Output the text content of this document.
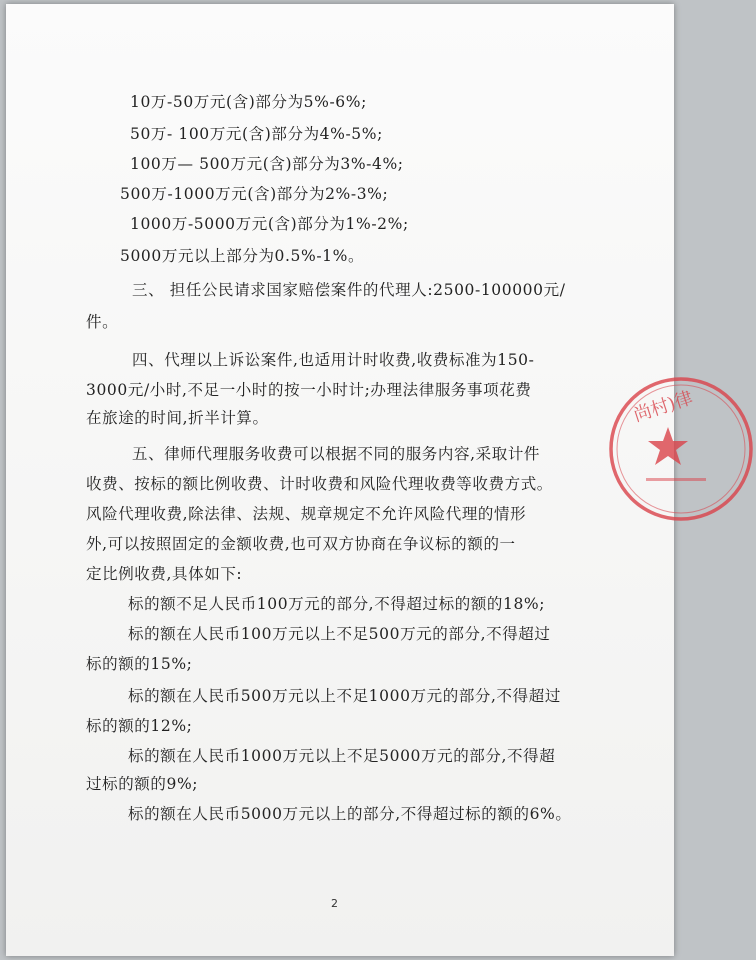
10万-50万元(含)部分为5%-6%;
50万- 100万元(含)部分为4%-5%;
100万— 500万元(含)部分为3%-4%;
500万-1000万元(含)部分为2%-3%;
1000万-5000万元(含)部分为1%-2%;
5000万元以上部分为0.5%-1%。
三、 担任公民请求国家赔偿案件的代理人:2500-100000元/
件。
四、代理以上诉讼案件,也适用计时收费,收费标准为150-
3000元/小时,不足一小时的按一小时计;办理法律服务事项花费
在旅途的时间,折半计算。
五、律师代理服务收费可以根据不同的服务内容,采取计件
收费、按标的额比例收费、计时收费和风险代理收费等收费方式。
风险代理收费,除法律、法规、规章规定不允许风险代理的情形
外,可以按照固定的金额收费,也可双方协商在争议标的额的一
定比例收费,具体如下:
标的额不足人民币100万元的部分,不得超过标的额的18%;
标的额在人民币100万元以上不足500万元的部分,不得超过
标的额的15%;
标的额在人民币500万元以上不足1000万元的部分,不得超过
标的额的12%;
标的额在人民币1000万元以上不足5000万元的部分,不得超
过标的额的9%;
标的额在人民币5000万元以上的部分,不得超过标的额的6%。
尚村)律
2
